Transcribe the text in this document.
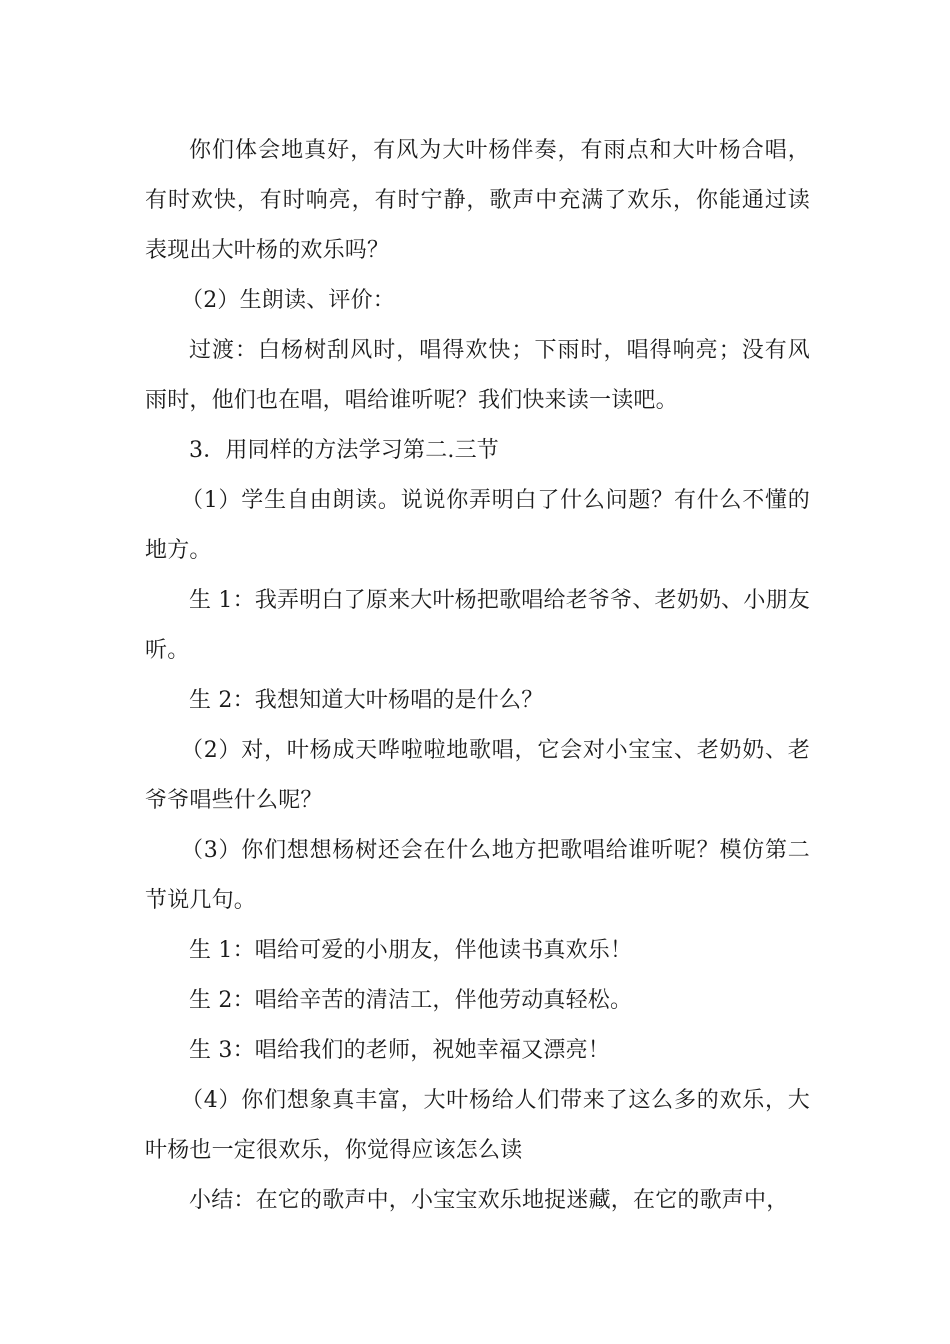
你们体会地真好，有风为大叶杨伴奏，有雨点和大叶杨合唱，有时欢快，有时响亮，有时宁静，歌声中充满了欢乐，你能通过读表现出大叶杨的欢乐吗？

（2）生朗读、评价：

过渡：白杨树刮风时，唱得欢快；下雨时，唱得响亮；没有风雨时，他们也在唱，唱给谁听呢？我们快来读一读吧。

3．用同样的方法学习第二.三节

（1）学生自由朗读。说说你弄明白了什么问题？有什么不懂的地方。

生 1：我弄明白了原来大叶杨把歌唱给老爷爷、老奶奶、小朋友听。

生 2：我想知道大叶杨唱的是什么？

（2）对，叶杨成天哗啦啦地歌唱，它会对小宝宝、老奶奶、老爷爷唱些什么呢？

（3）你们想想杨树还会在什么地方把歌唱给谁听呢？模仿第二节说几句。

生 1：唱给可爱的小朋友，伴他读书真欢乐！

生 2：唱给辛苦的清洁工，伴他劳动真轻松。

生 3：唱给我们的老师，祝她幸福又漂亮！

（4）你们想象真丰富，大叶杨给人们带来了这么多的欢乐，大叶杨也一定很欢乐，你觉得应该怎么读

小结：在它的歌声中，小宝宝欢乐地捉迷藏，在它的歌声中，
